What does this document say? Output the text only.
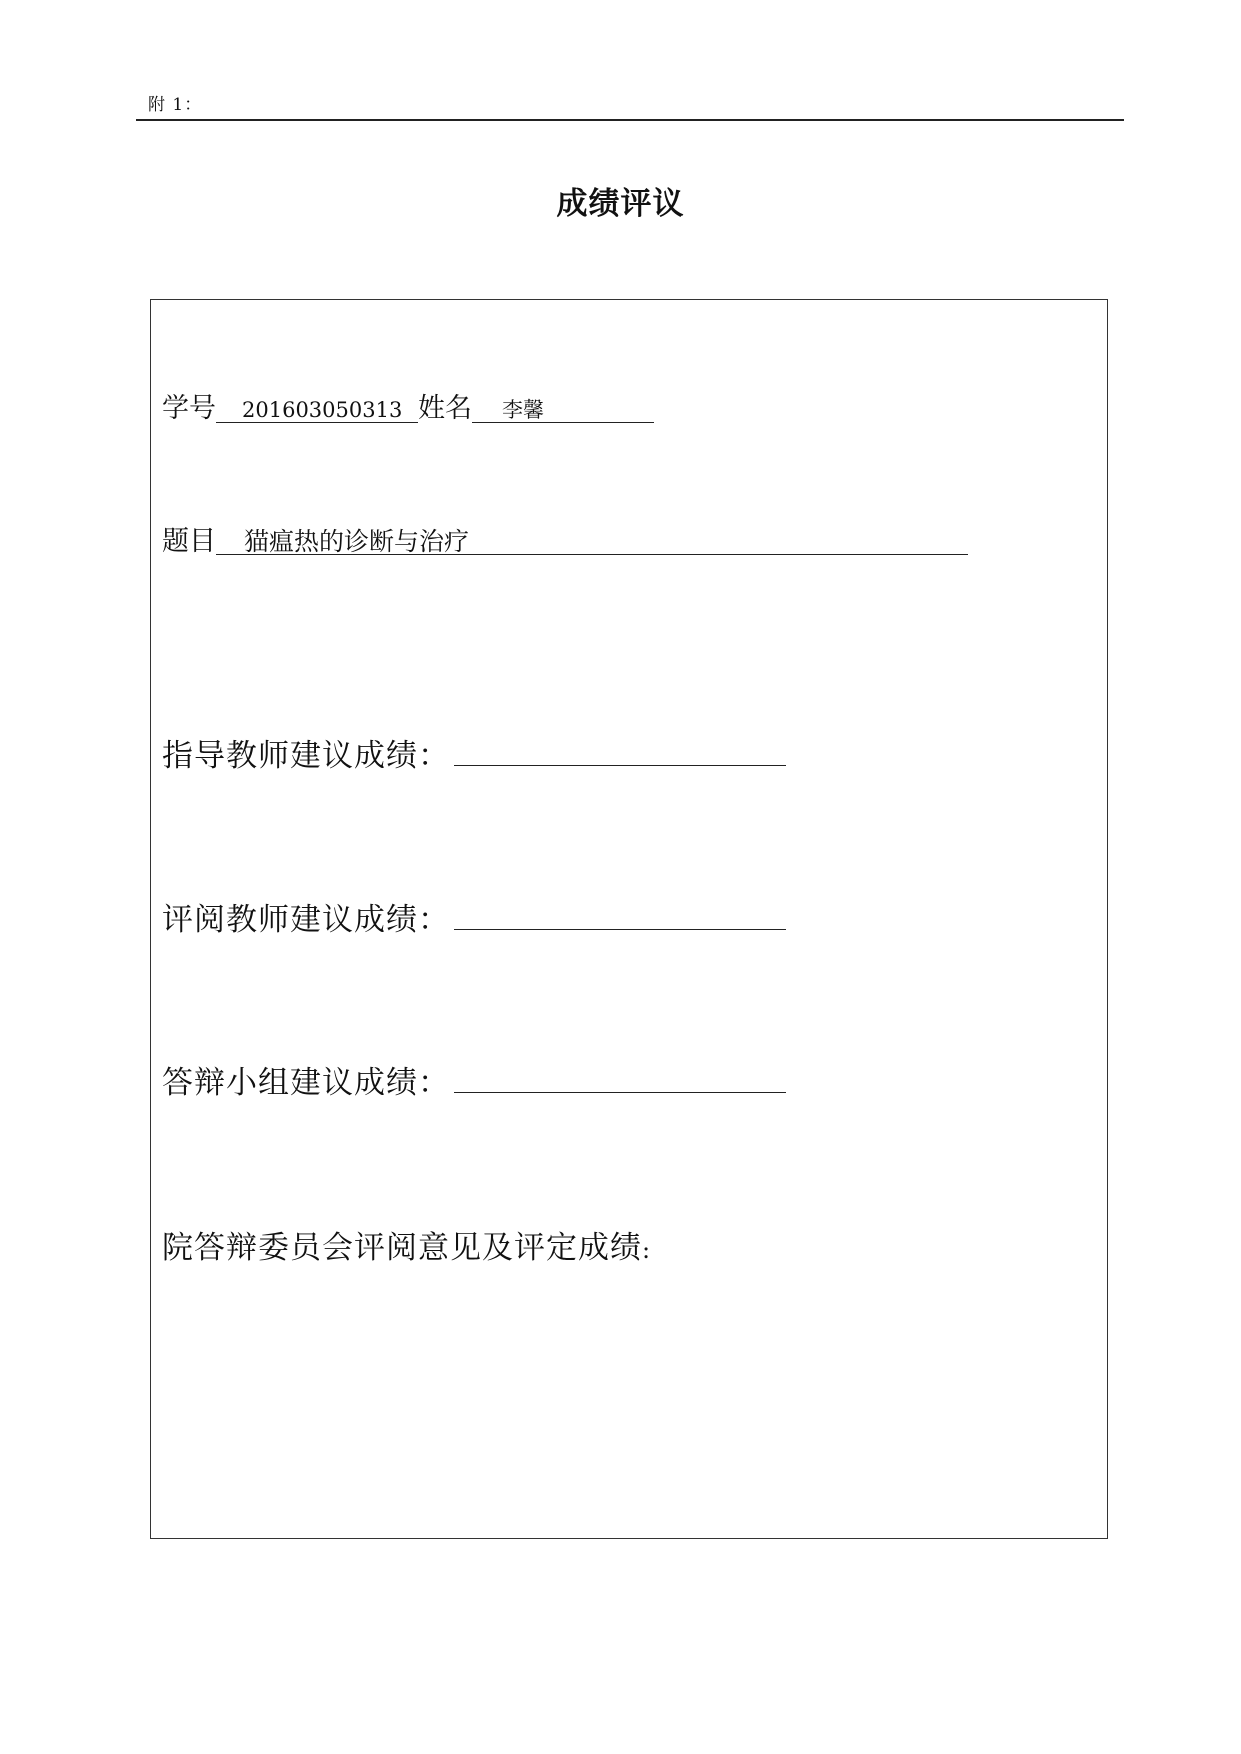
附 1：
成绩评议
学号 201603050313 姓名 李馨
题目 猫瘟热的诊断与治疗
指导教师建议成绩：
评阅教师建议成绩：
答辩小组建议成绩：
院答辩委员会评阅意见及评定成绩:
